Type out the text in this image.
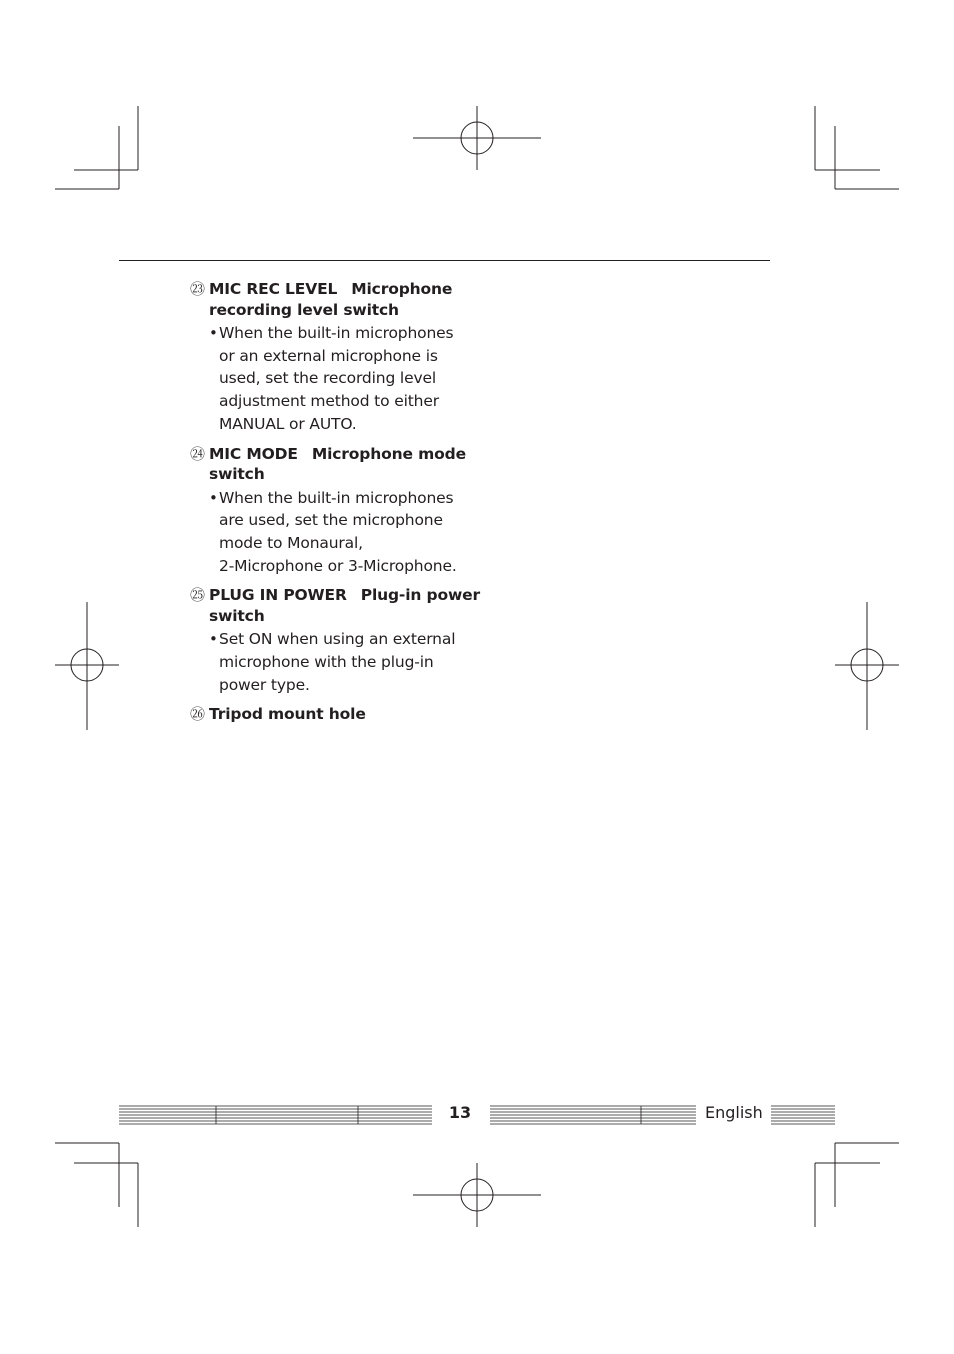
㉓ MIC REC LEVEL Microphone recording level switch
• When the built-in microphones
or an external microphone is
used, set the recording level
adjustment method to either
MANUAL or AUTO.
㉔ MIC MODE Microphone mode switch
• When the built-in microphones
are used, set the microphone
mode to Monaural,
2-Microphone or 3-Microphone.
㉕ PLUG IN POWER Plug-in power switch
• Set ON when using an external
microphone with the plug-in
power type.
㉖ Tripod mount hole
13	English
